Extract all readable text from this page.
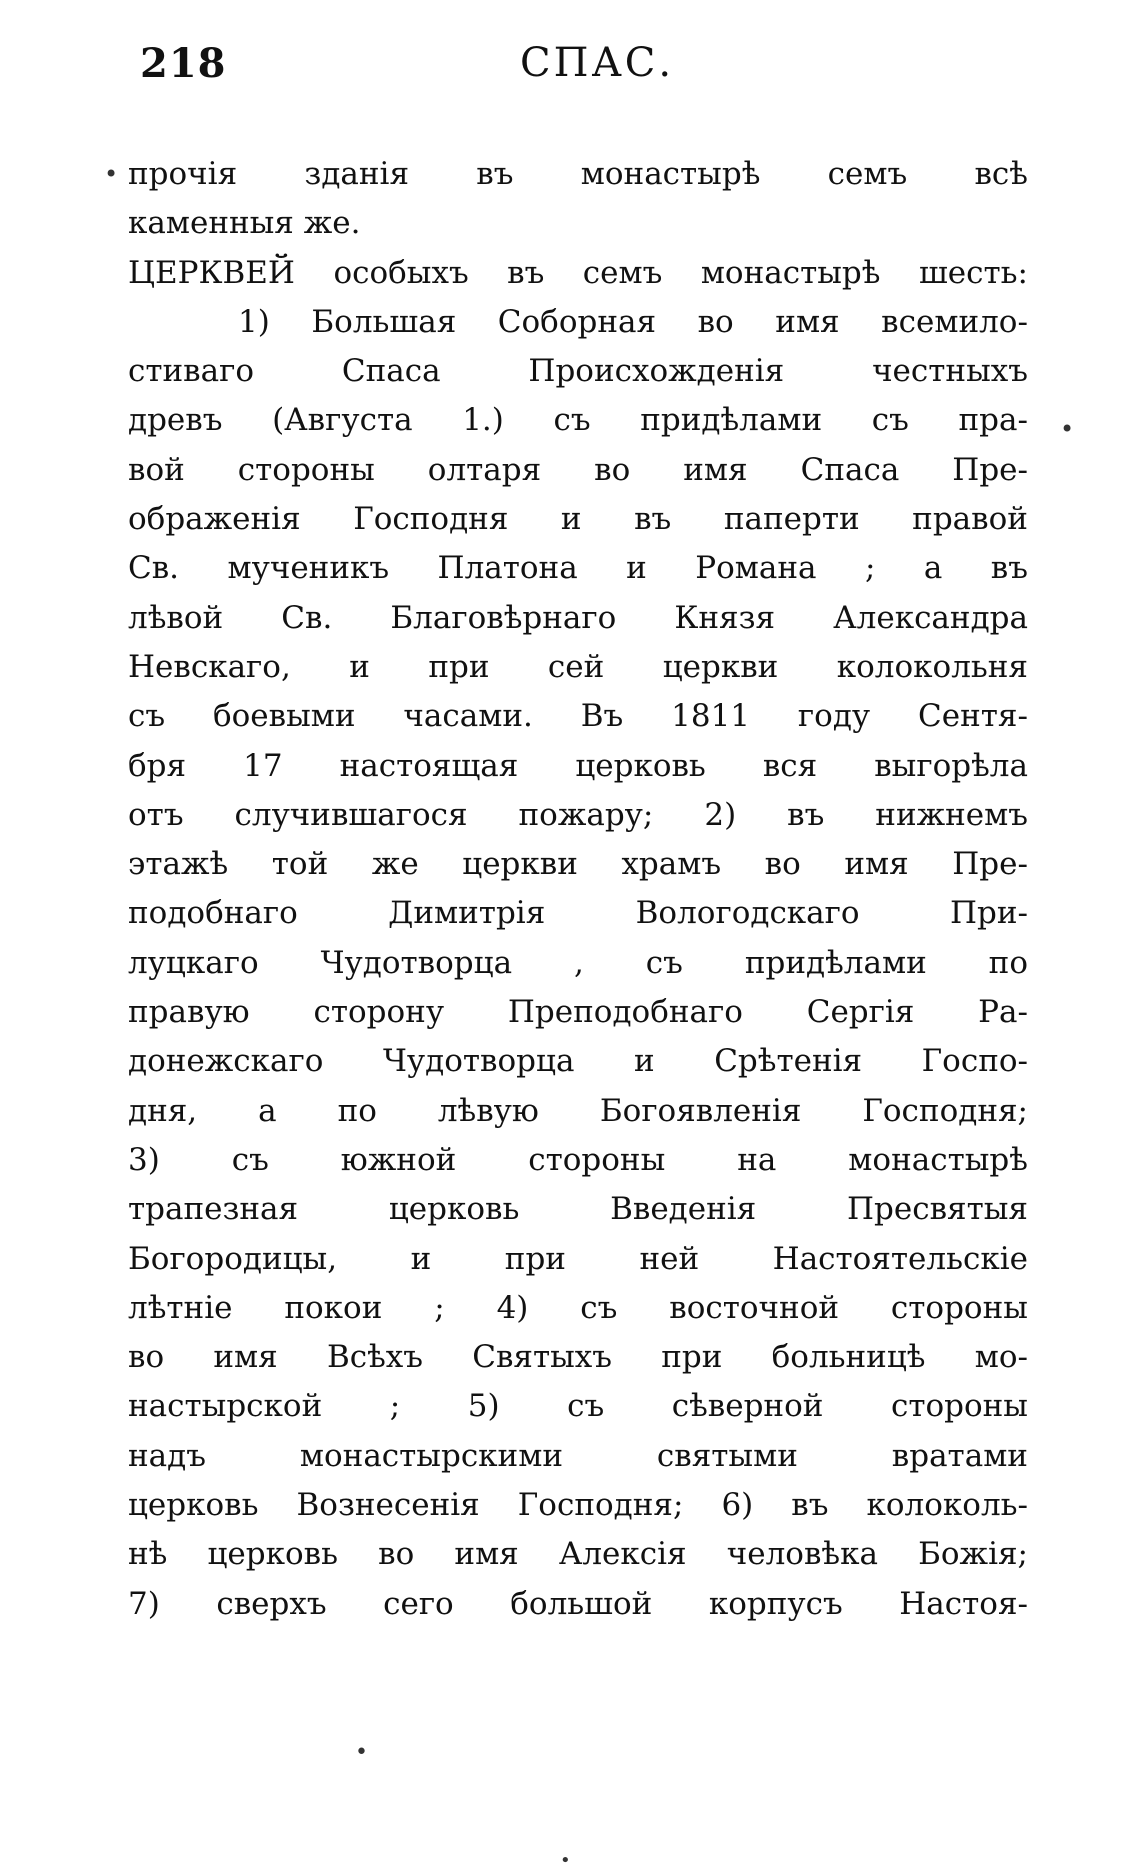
218	СПАС.
прочія зданія въ монастырѣ семъ всѣ
каменныя же.
ЦЕРКВЕЙ особыхъ въ семъ монастырѣ шесть:
1) Большая Соборная во имя всемило-
стиваго	Спаса	Происхожденія	честныхъ
древъ (Августа 1.) съ придѣлами съ пра-
вой стороны олтаря во имя Спаса Пре-
ображенія Господня и въ паперти правой
Св. мученикъ Платона и Романа ; а въ
лѣвой Св. Благовѣрнаго Князя Александра
Невскаго, и при сей церкви колокольня
съ боевыми часами. Въ 1811 году Сентя-
бря 17 настоящая церковь вся выгорѣла
отъ случившагося пожару; 2) въ нижнемъ
этажѣ той же церкви храмъ во имя Пре-
подобнаго	Димитрія	Вологодскаго	При-
луцкаго Чудотворца , съ придѣлами по
правую сторону Преподобнаго Сергія Ра-
донежскаго Чудотворца и Срѣтенія Госпо-
дня, а по лѣвую Богоявленія Господня;
3) съ южной стороны на монастырѣ
трапезная	церковь	Введенія	Пресвятыя
Богородицы, и при ней Настоятельскіе
лѣтніе покои ; 4) съ восточной стороны
во имя Всѣхъ Святыхъ при больницѣ мо-
настырской ; 5) съ сѣверной стороны
надъ	монастырскими	святыми	вратами
церковь Вознесенія Господня; 6) въ колоколь-
нѣ церковь во имя Алексія человѣка Божія;
7) сверхъ сего большой корпусъ Настоя-
•
•
•
•
